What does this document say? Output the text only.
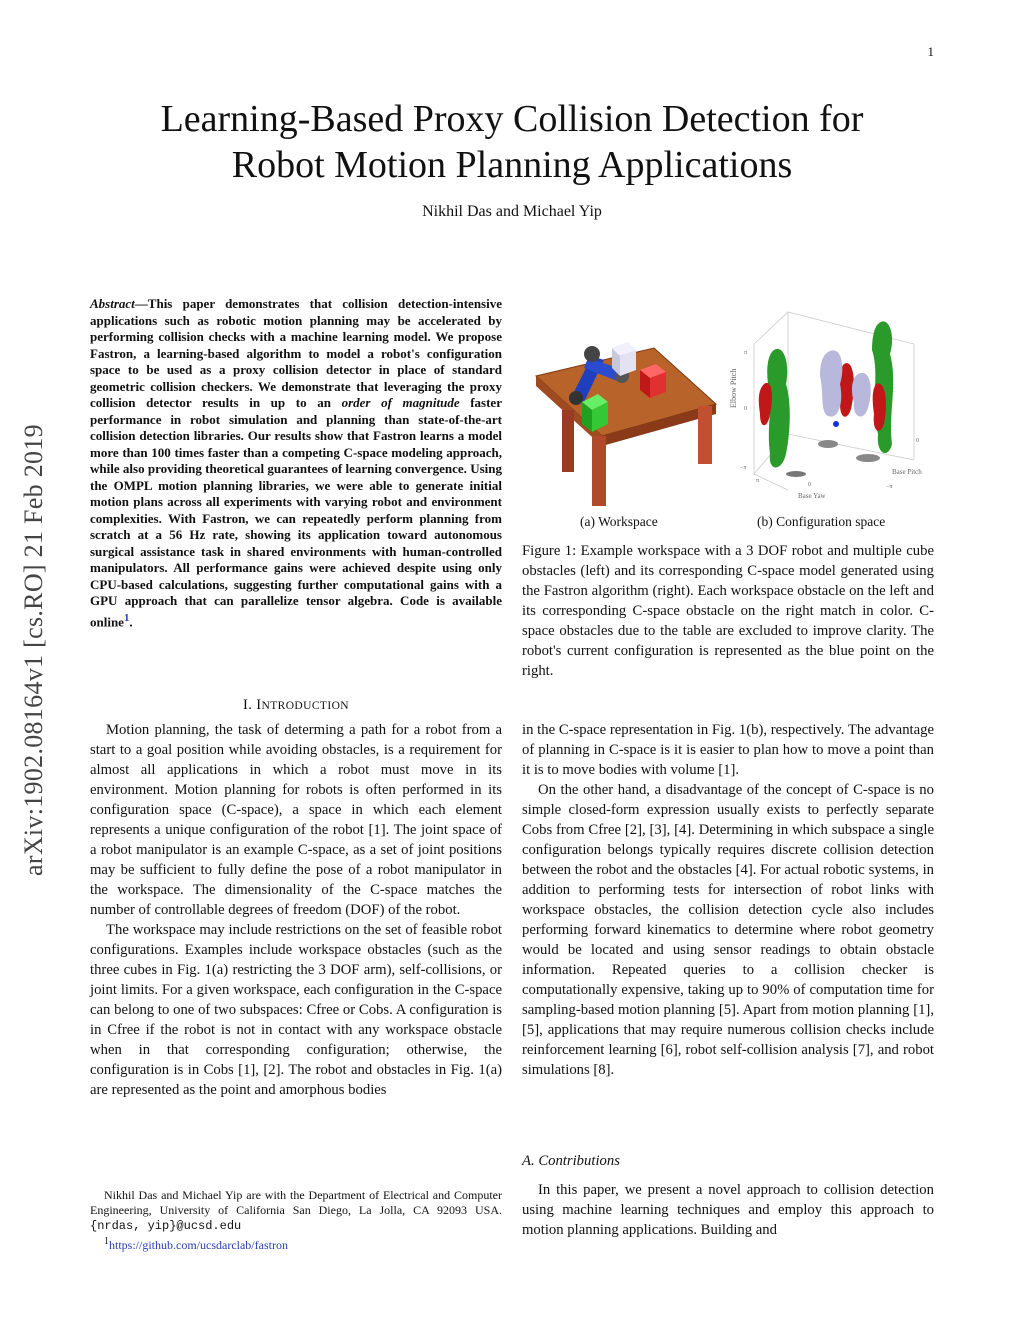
1
Learning-Based Proxy Collision Detection for
Robot Motion Planning Applications
Nikhil Das and Michael Yip
arXiv:1902.08164v1 [cs.RO] 21 Feb 2019
Abstract—This paper demonstrates that collision detection-intensive applications such as robotic motion planning may be accelerated by performing collision checks with a machine learning model. We propose Fastron, a learning-based algorithm to model a robot's configuration space to be used as a proxy collision detector in place of standard geometric collision checkers. We demonstrate that leveraging the proxy collision detector results in up to an order of magnitude faster performance in robot simulation and planning than state-of-the-art collision detection libraries. Our results show that Fastron learns a model more than 100 times faster than a competing C-space modeling approach, while also providing theoretical guarantees of learning convergence. Using the OMPL motion planning libraries, we were able to generate initial motion plans across all experiments with varying robot and environment complexities. With Fastron, we can repeatedly perform planning from scratch at a 56 Hz rate, showing its application toward autonomous surgical assistance task in shared environments with human-controlled manipulators. All performance gains were achieved despite using only CPU-based calculations, suggesting further computational gains with a GPU approach that can parallelize tensor algebra. Code is available online$^1$.
I. INTRODUCTION

Motion planning, the task of determing a path for a robot from a start to a goal position while avoiding obstacles, is a requirement for almost all applications in which a robot must move in its environment. Motion planning for robots is often performed in its configuration space (C-space), a space in which each element represents a unique configuration of the robot [1]. The joint space of a robot manipulator is an example C-space, as a set of joint positions may be sufficient to fully define the pose of a robot manipulator in the workspace. The dimensionality of the C-space matches the number of controllable degrees of freedom (DOF) of the robot.

The workspace may include restrictions on the set of feasible robot configurations. Examples include workspace obstacles (such as the three cubes in Fig. 1(a) restricting the 3 DOF arm), self-collisions, or joint limits. For a given workspace, each configuration in the C-space can belong to one of two subspaces: Cfree or Cobs. A configuration is in Cfree if the robot is not in contact with any workspace obstacle when in that corresponding configuration; otherwise, the configuration is in Cobs [1], [2]. The robot and obstacles in Fig. 1(a) are represented as the point and amorphous bodies

Nikhil Das and Michael Yip are with the Department of Electrical and Computer Engineering, University of California San Diego, La Jolla, CA 92093 USA. {nrdas, yip}@ucsd.edu
$^1$https://github.com/ucsdarclab/fastron
Elbow Pitch
Base Yaw
Base Pitch
π
0
−π
0
−π
0
π
(a) Workspace	(b) Configuration space
Figure 1: Example workspace with a 3 DOF robot and multiple cube obstacles (left) and its corresponding C-space model generated using the Fastron algorithm (right). Each workspace obstacle on the left and its corresponding C-space obstacle on the right match in color. C-space obstacles due to the table are excluded to improve clarity. The robot's current configuration is represented as the blue point on the right.

in the C-space representation in Fig. 1(b), respectively. The advantage of planning in C-space is it is easier to plan how to move a point than it is to move bodies with volume [1].

On the other hand, a disadvantage of the concept of C-space is no simple closed-form expression usually exists to perfectly separate Cobs from Cfree [2], [3], [4]. Determining in which subspace a single configuration belongs typically requires discrete collision detection between the robot and the obstacles [4]. For actual robotic systems, in addition to performing tests for intersection of robot links with workspace obstacles, the collision detection cycle also includes performing forward kinematics to determine where robot geometry would be located and using sensor readings to obtain obstacle information. Repeated queries to a collision checker is computationally expensive, taking up to 90% of computation time for sampling-based motion planning [5]. Apart from motion planning [1], [5], applications that may require numerous collision checks include reinforcement learning [6], robot self-collision analysis [7], and robot simulations [8].

A. Contributions

In this paper, we present a novel approach to collision detection using machine learning techniques and employ this approach to motion planning applications. Building and
